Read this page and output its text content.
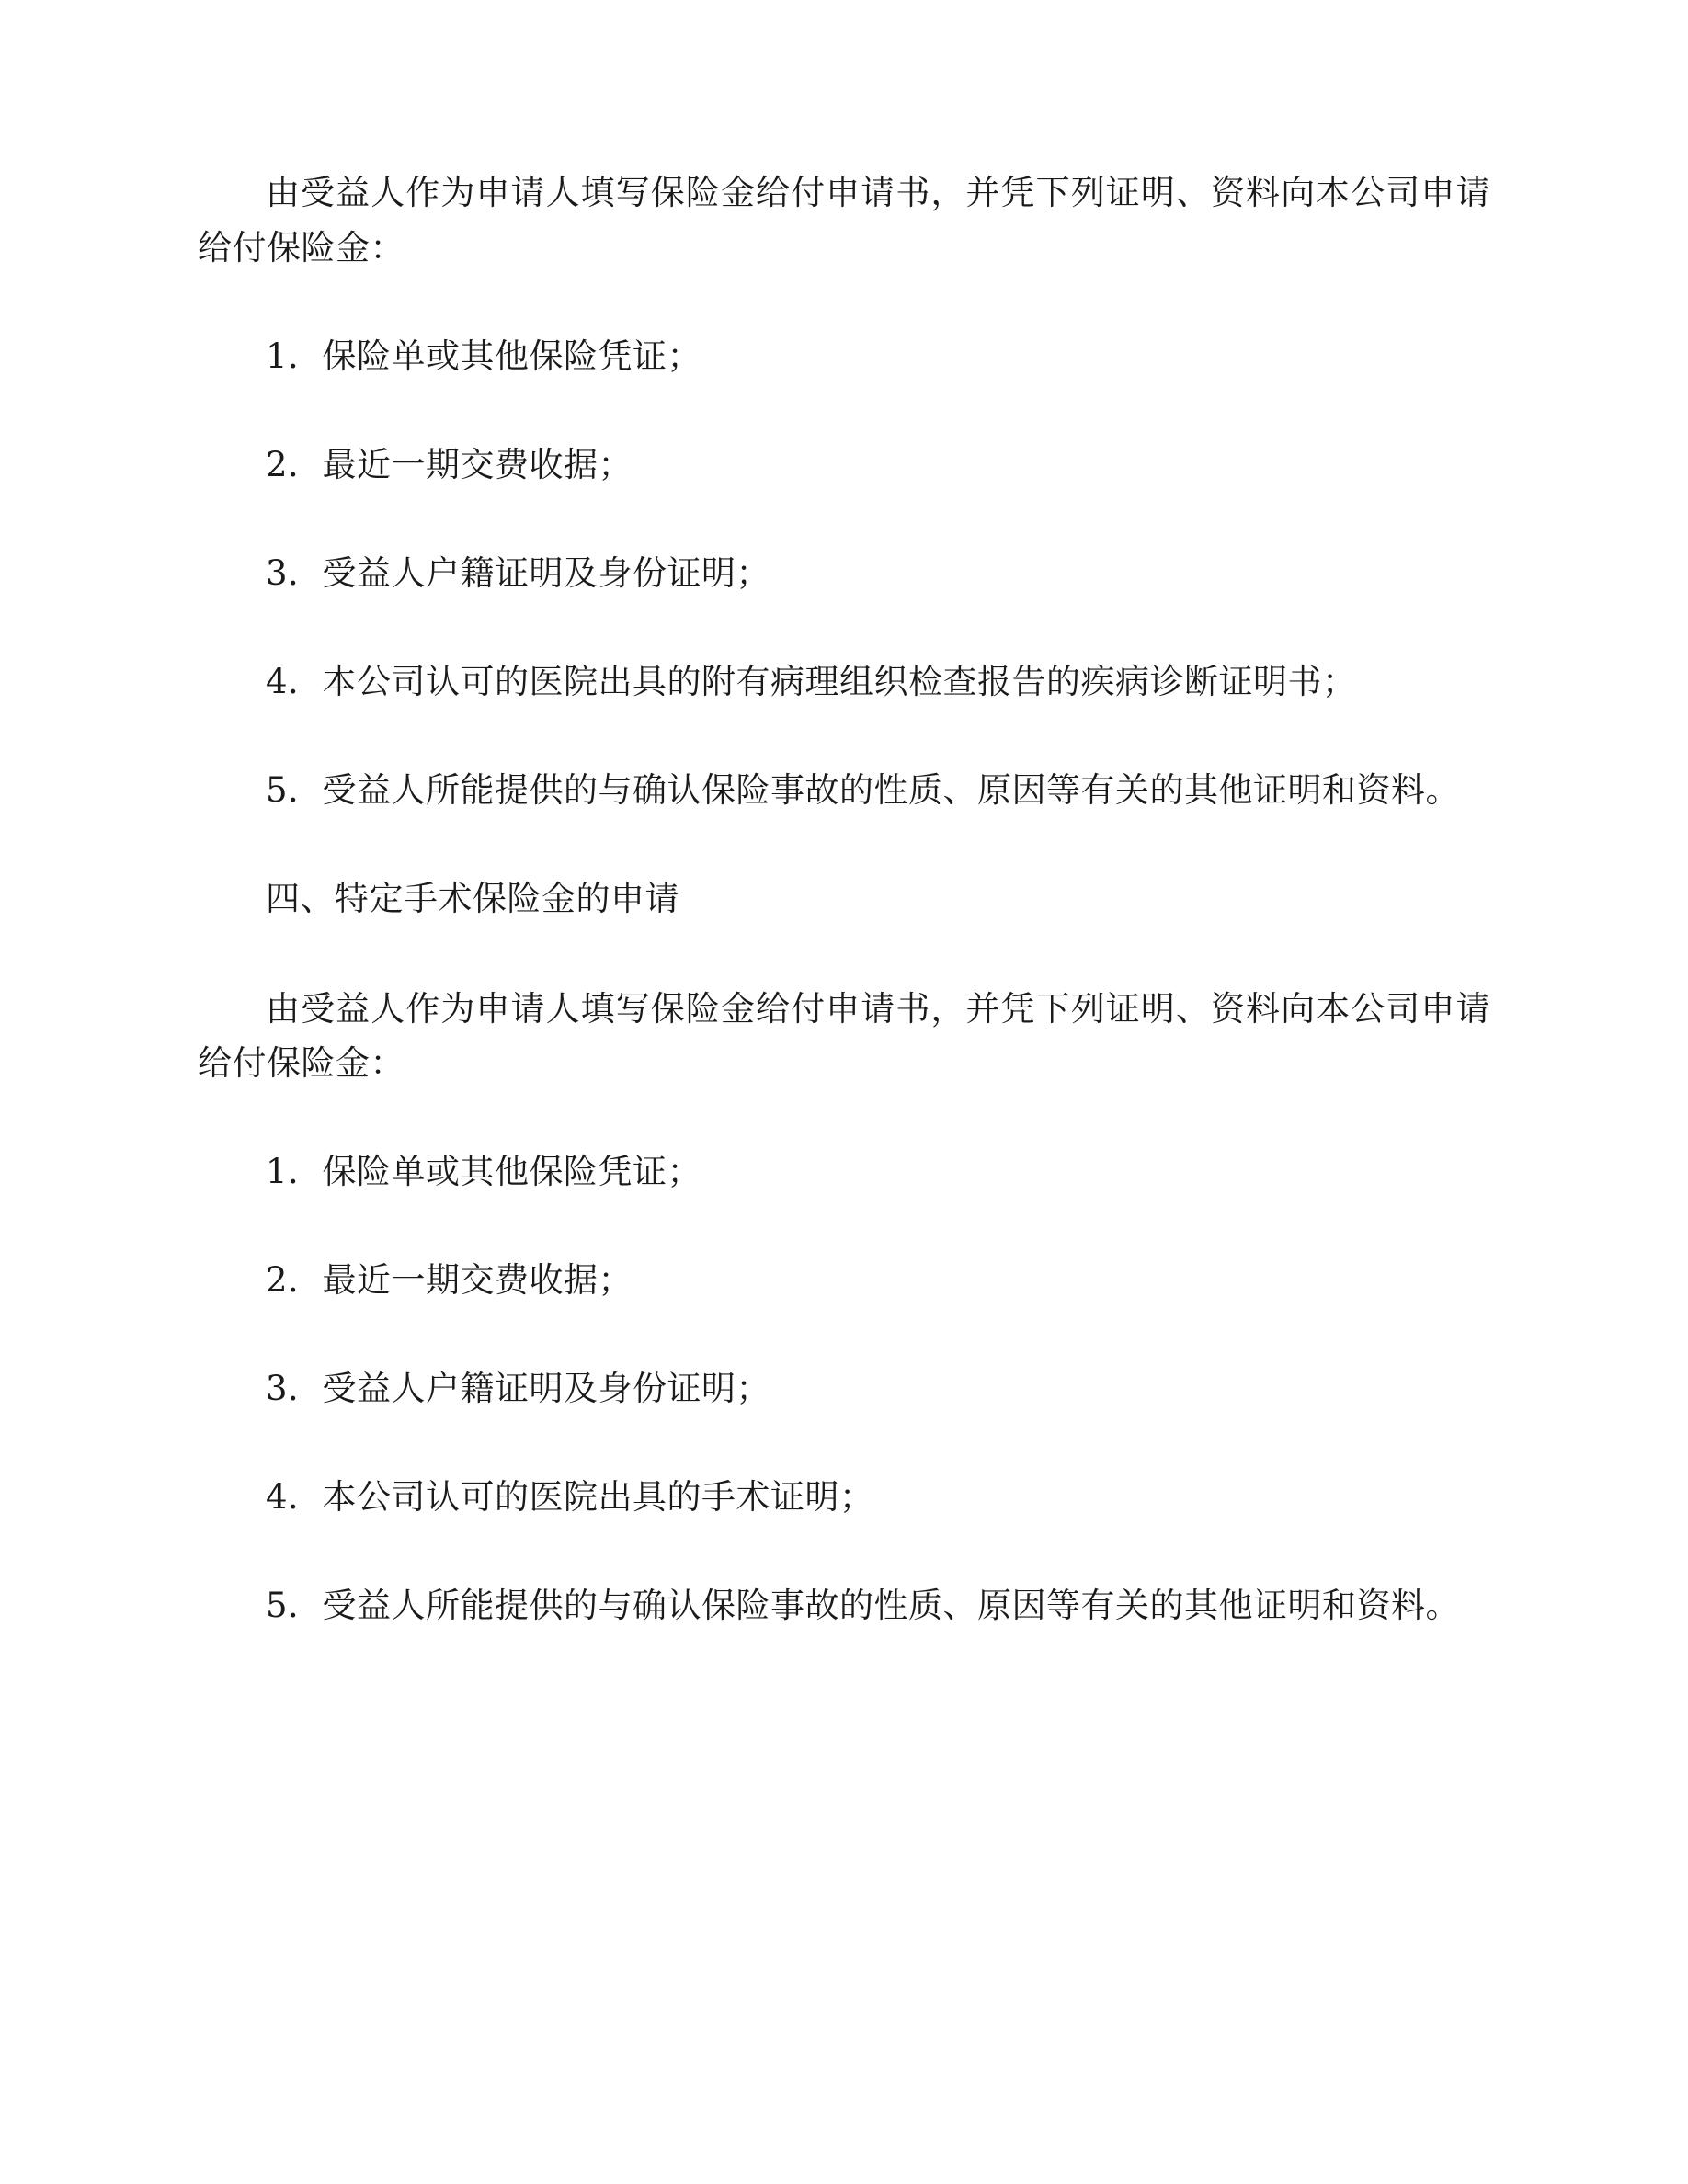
由受益人作为申请人填写保险金给付申请书，并凭下列证明、资料向本公司申请给付保险金：

1．保险单或其他保险凭证；

2．最近一期交费收据；

3．受益人户籍证明及身份证明；

4．本公司认可的医院出具的附有病理组织检查报告的疾病诊断证明书；

5．受益人所能提供的与确认保险事故的性质、原因等有关的其他证明和资料。

四、特定手术保险金的申请

由受益人作为申请人填写保险金给付申请书，并凭下列证明、资料向本公司申请给付保险金：

1．保险单或其他保险凭证；

2．最近一期交费收据；

3．受益人户籍证明及身份证明；

4．本公司认可的医院出具的手术证明；

5．受益人所能提供的与确认保险事故的性质、原因等有关的其他证明和资料。
